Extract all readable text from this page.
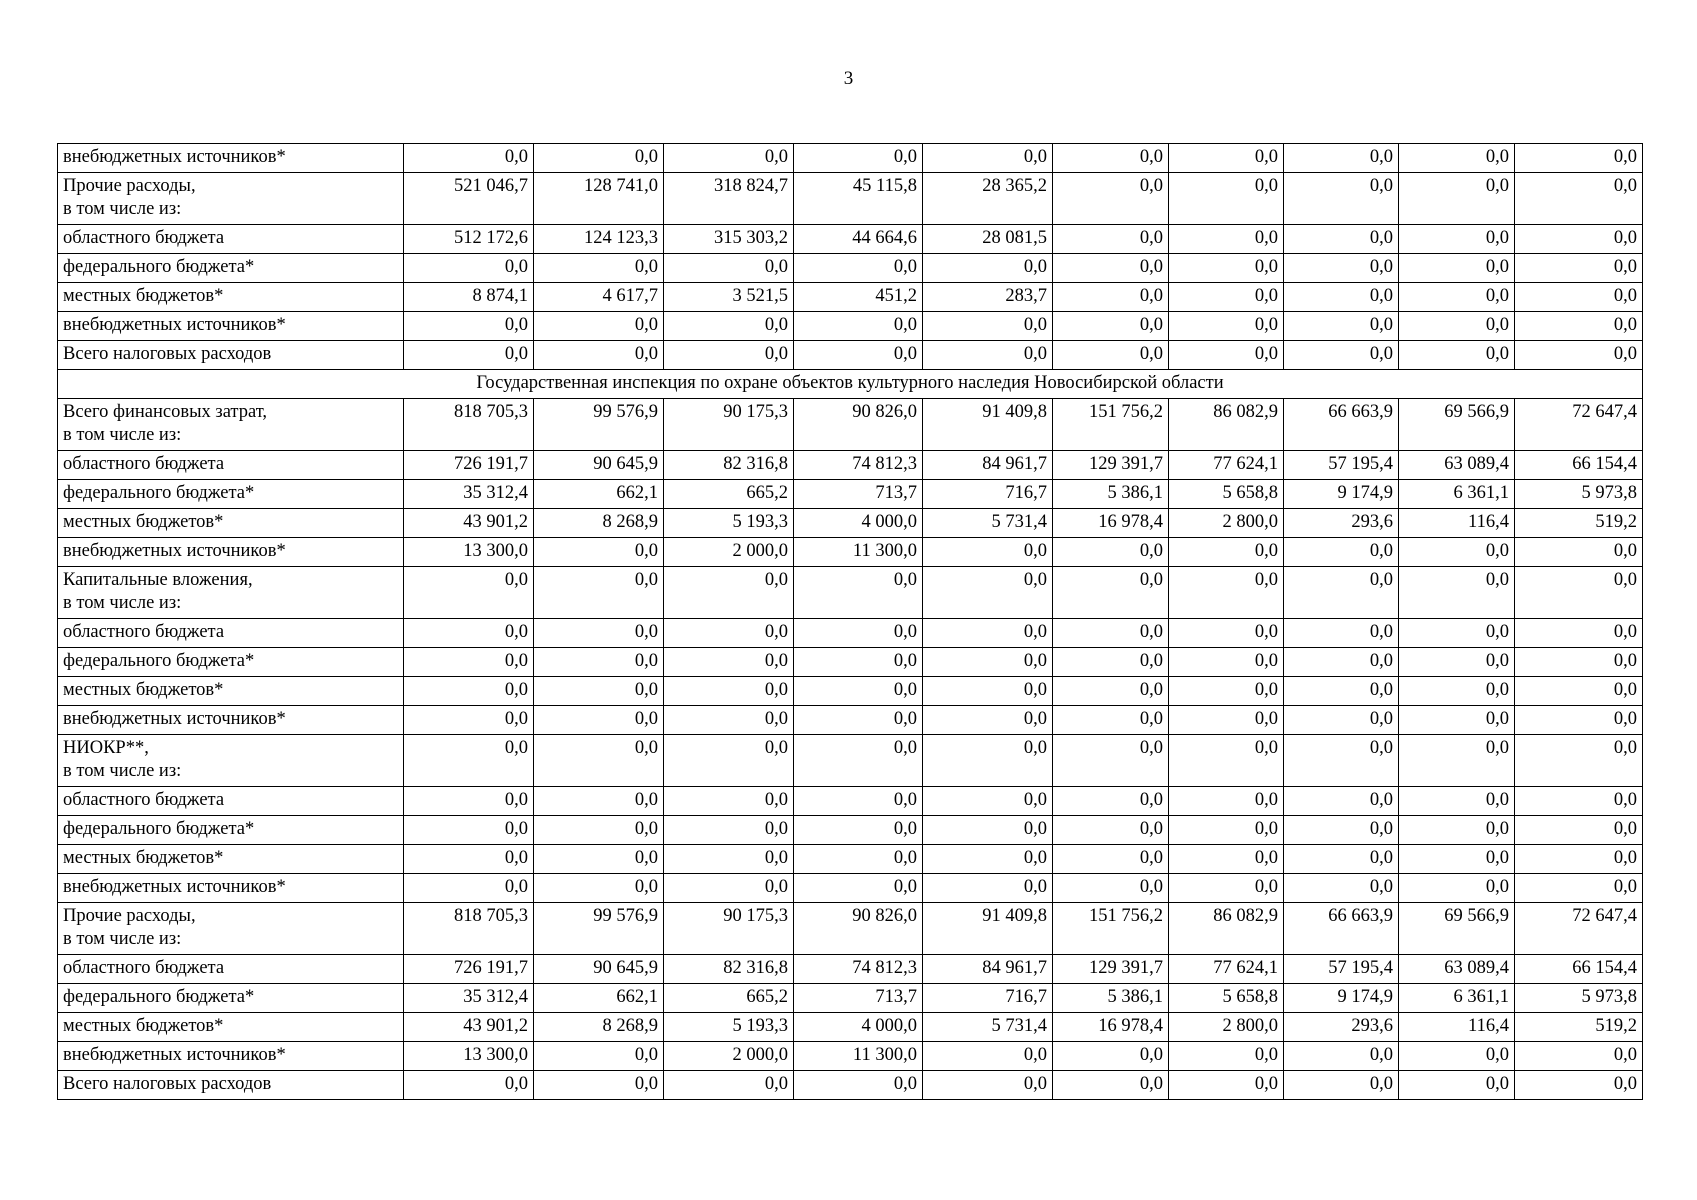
3
внебюджетных источников*	0,0	0,0	0,0	0,0	0,0	0,0	0,0	0,0	0,0	0,0
Прочие расходы,
в том числе из:	521 046,7	128 741,0	318 824,7	45 115,8	28 365,2	0,0	0,0	0,0	0,0	0,0
областного бюджета	512 172,6	124 123,3	315 303,2	44 664,6	28 081,5	0,0	0,0	0,0	0,0	0,0
федерального бюджета*	0,0	0,0	0,0	0,0	0,0	0,0	0,0	0,0	0,0	0,0
местных бюджетов*	8 874,1	4 617,7	3 521,5	451,2	283,7	0,0	0,0	0,0	0,0	0,0
внебюджетных источников*	0,0	0,0	0,0	0,0	0,0	0,0	0,0	0,0	0,0	0,0
Всего налоговых расходов	0,0	0,0	0,0	0,0	0,0	0,0	0,0	0,0	0,0	0,0
Государственная инспекция по охране объектов культурного наследия Новосибирской области										
Всего финансовых затрат,
в том числе из:	818 705,3	99 576,9	90 175,3	90 826,0	91 409,8	151 756,2	86 082,9	66 663,9	69 566,9	72 647,4
областного бюджета	726 191,7	90 645,9	82 316,8	74 812,3	84 961,7	129 391,7	77 624,1	57 195,4	63 089,4	66 154,4
федерального бюджета*	35 312,4	662,1	665,2	713,7	716,7	5 386,1	5 658,8	9 174,9	6 361,1	5 973,8
местных бюджетов*	43 901,2	8 268,9	5 193,3	4 000,0	5 731,4	16 978,4	2 800,0	293,6	116,4	519,2
внебюджетных источников*	13 300,0	0,0	2 000,0	11 300,0	0,0	0,0	0,0	0,0	0,0	0,0
Капитальные вложения,
в том числе из:	0,0	0,0	0,0	0,0	0,0	0,0	0,0	0,0	0,0	0,0
областного бюджета	0,0	0,0	0,0	0,0	0,0	0,0	0,0	0,0	0,0	0,0
федерального бюджета*	0,0	0,0	0,0	0,0	0,0	0,0	0,0	0,0	0,0	0,0
местных бюджетов*	0,0	0,0	0,0	0,0	0,0	0,0	0,0	0,0	0,0	0,0
внебюджетных источников*	0,0	0,0	0,0	0,0	0,0	0,0	0,0	0,0	0,0	0,0
НИОКР**,
в том числе из:	0,0	0,0	0,0	0,0	0,0	0,0	0,0	0,0	0,0	0,0
областного бюджета	0,0	0,0	0,0	0,0	0,0	0,0	0,0	0,0	0,0	0,0
федерального бюджета*	0,0	0,0	0,0	0,0	0,0	0,0	0,0	0,0	0,0	0,0
местных бюджетов*	0,0	0,0	0,0	0,0	0,0	0,0	0,0	0,0	0,0	0,0
внебюджетных источников*	0,0	0,0	0,0	0,0	0,0	0,0	0,0	0,0	0,0	0,0
Прочие расходы,
в том числе из:	818 705,3	99 576,9	90 175,3	90 826,0	91 409,8	151 756,2	86 082,9	66 663,9	69 566,9	72 647,4
областного бюджета	726 191,7	90 645,9	82 316,8	74 812,3	84 961,7	129 391,7	77 624,1	57 195,4	63 089,4	66 154,4
федерального бюджета*	35 312,4	662,1	665,2	713,7	716,7	5 386,1	5 658,8	9 174,9	6 361,1	5 973,8
местных бюджетов*	43 901,2	8 268,9	5 193,3	4 000,0	5 731,4	16 978,4	2 800,0	293,6	116,4	519,2
внебюджетных источников*	13 300,0	0,0	2 000,0	11 300,0	0,0	0,0	0,0	0,0	0,0	0,0
Всего налоговых расходов	0,0	0,0	0,0	0,0	0,0	0,0	0,0	0,0	0,0	0,0
